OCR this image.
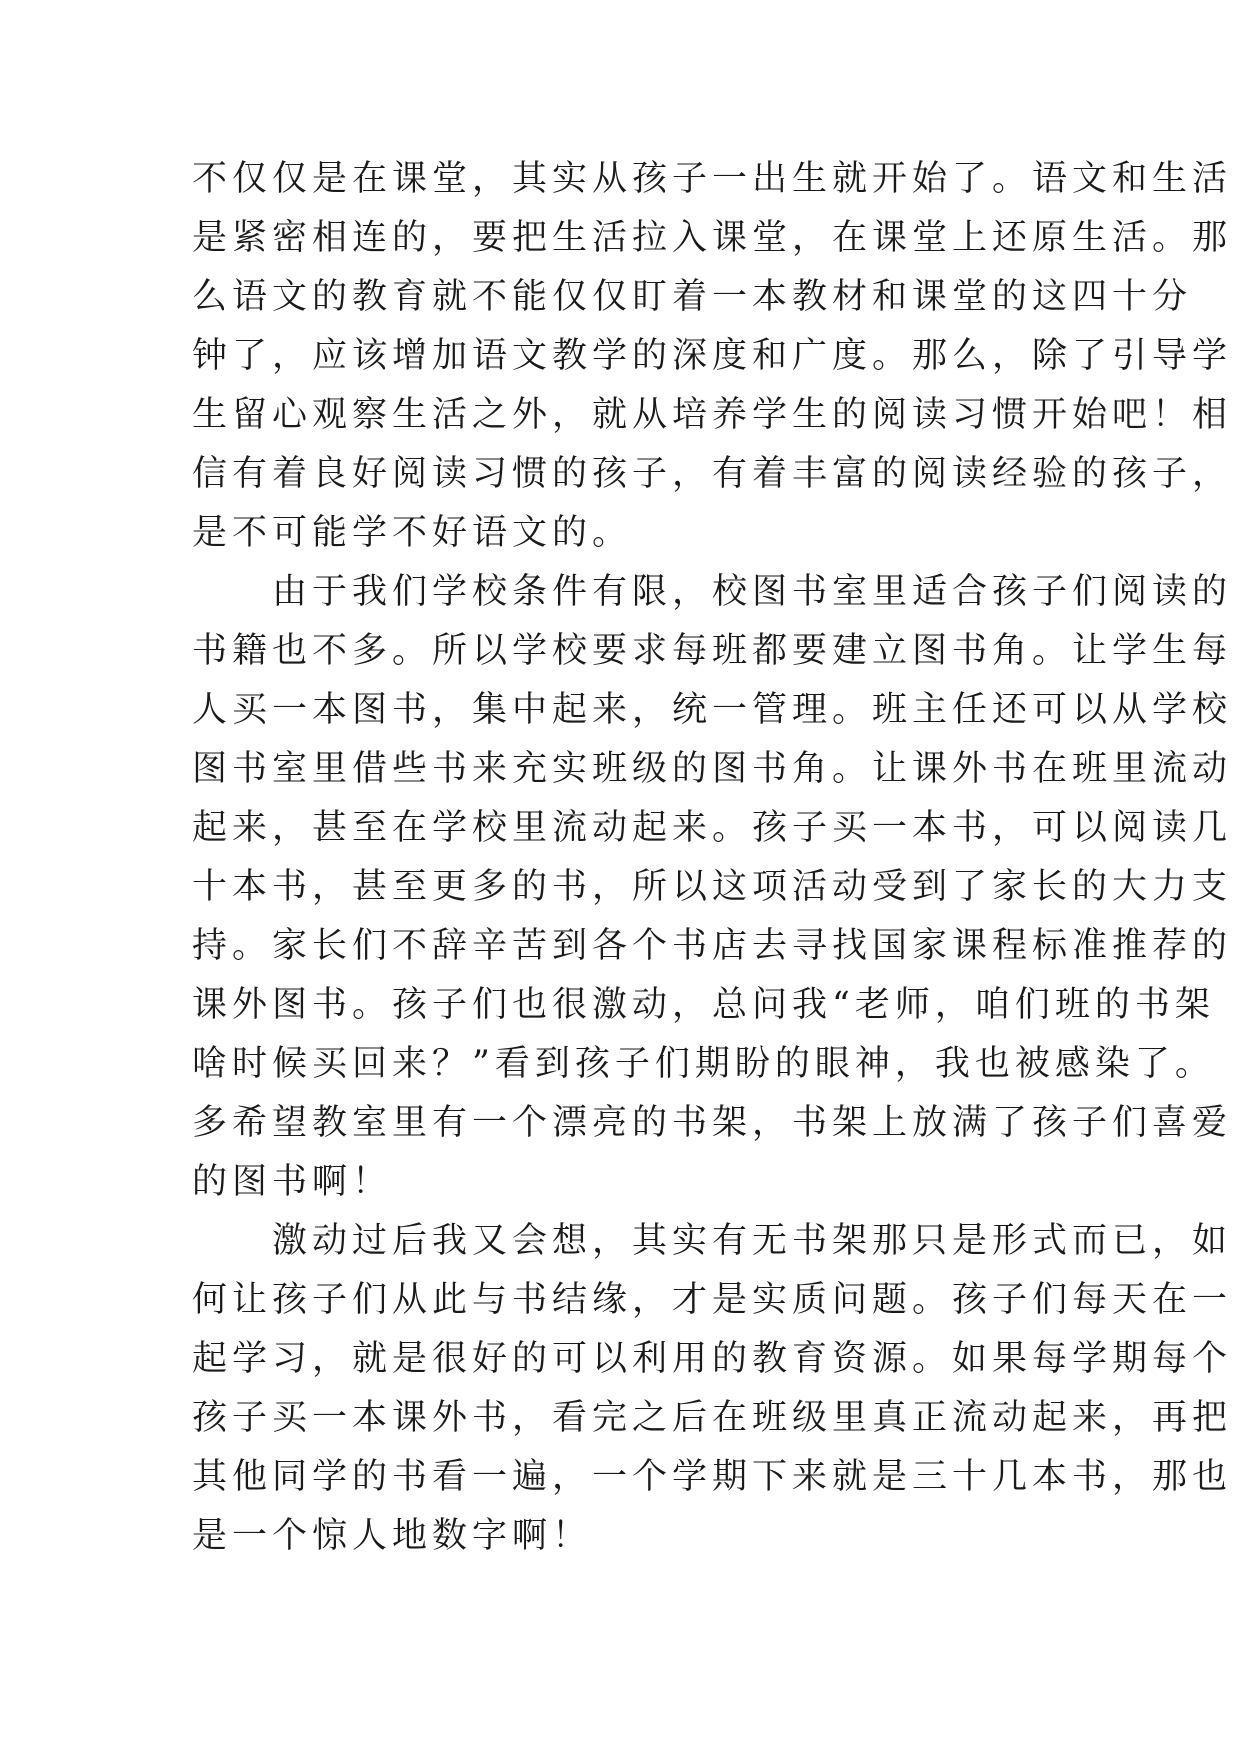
不仅仅是在课堂，其实从孩子一出生就开始了。语文和生活
是紧密相连的，要把生活拉入课堂，在课堂上还原生活。那
么语文的教育就不能仅仅盯着一本教材和课堂的这四十分
钟了，应该增加语文教学的深度和广度。那么，除了引导学
生留心观察生活之外，就从培养学生的阅读习惯开始吧！相
信有着良好阅读习惯的孩子，有着丰富的阅读经验的孩子，
是不可能学不好语文的。
由于我们学校条件有限，校图书室里适合孩子们阅读的
书籍也不多。所以学校要求每班都要建立图书角。让学生每
人买一本图书，集中起来，统一管理。班主任还可以从学校
图书室里借些书来充实班级的图书角。让课外书在班里流动
起来，甚至在学校里流动起来。孩子买一本书，可以阅读几
十本书，甚至更多的书，所以这项活动受到了家长的大力支
持。家长们不辞辛苦到各个书店去寻找国家课程标准推荐的
课外图书。孩子们也很激动，总问我“老师，咱们班的书架
啥时候买回来？”看到孩子们期盼的眼神，我也被感染了。
多希望教室里有一个漂亮的书架，书架上放满了孩子们喜爱
的图书啊！
激动过后我又会想，其实有无书架那只是形式而已，如
何让孩子们从此与书结缘，才是实质问题。孩子们每天在一
起学习，就是很好的可以利用的教育资源。如果每学期每个
孩子买一本课外书，看完之后在班级里真正流动起来，再把
其他同学的书看一遍，一个学期下来就是三十几本书，那也
是一个惊人地数字啊！
